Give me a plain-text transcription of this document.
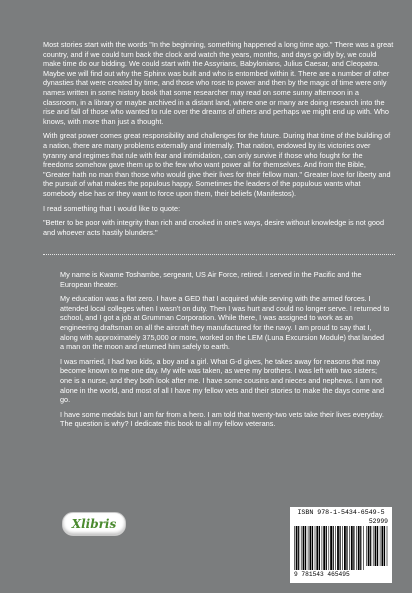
Most stories start with the words "In the beginning, something happened a long time ago." There was a great country, and if we could turn back the clock and watch the years, months, and days go idly by, we could make time do our bidding. We could start with the Assyrians, Babylonians, Julius Caesar, and Cleopatra. Maybe we will find out why the Sphinx was built and who is entombed within it. There are a number of other dynasties that were created by time, and those who rose to power and then by the magic of time were only names written in some history book that some researcher may read on some sunny afternoon in a classroom, in a library or maybe archived in a distant land, where one or many are doing research into the rise and fall of those who wanted to rule over the dreams of others and perhaps we might end up with. Who knows, with more than just a thought.

With great power comes great responsibility and challenges for the future. During that time of the building of a nation, there are many problems externally and internally. That nation, endowed by its victories over tyranny and regimes that rule with fear and intimidation, can only survive if those who fought for the freedoms somehow gave them up to the few who want power all for themselves. And from the Bible, "Greater hath no man than those who would give their lives for their fellow man." Greater love for liberty and the pursuit of what makes the populous happy. Sometimes the leaders of the populous wants what somebody else has or they want to force upon them, their beliefs (Manifestos).

I read something that I would like to quote:

"Better to be poor with integrity than rich and crooked in one's ways, desire without knowledge is not good and whoever acts hastily blunders."

My name is Kwame Toshambe, sergeant, US Air Force, retired. I served in the Pacific and the European theater.

My education was a flat zero. I have a GED that I acquired while serving with the armed forces. I attended local colleges when I wasn't on duty. Then I was hurt and could no longer serve. I returned to school, and I got a job at Grumman Corporation. While there, I was assigned to work as an engineering draftsman on all the aircraft they manufactured for the navy. I am proud to say that I, along with approximately 375,000 or more, worked on the LEM (Luna Excursion Module) that landed a man on the moon and returned him safely to earth.

I was married, I had two kids, a boy and a girl. What G-d gives, he takes away for reasons that may become known to me one day. My wife was taken, as were my brothers. I was left with two sisters; one is a nurse, and they both look after me. I have some cousins and nieces and nephews. I am not alone in the world, and most of all I have my fellow vets and their stories to make the days come and go.

I have some medals but I am far from a hero. I am told that twenty-two vets take their lives everyday. The question is why? I dedicate this book to all my fellow veterans.

Xlibris
ISBN 978-1-5434-6549-5
52999
9 781543 465495
